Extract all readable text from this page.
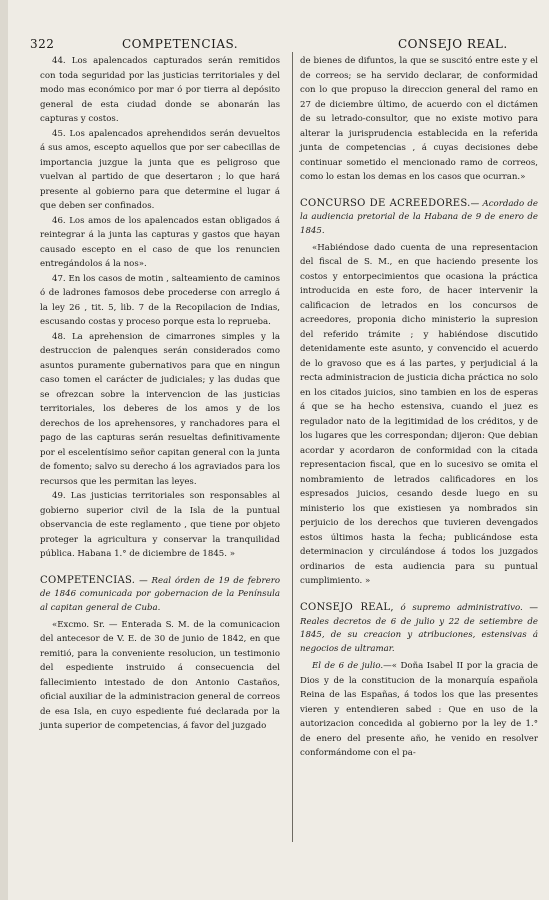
322	COMPETENCIAS.	CONSEJO REAL.

44. Los apalencados capturados serán remitidos con toda seguridad por las justicias territoriales y del modo mas económico por mar ó por tierra al depósito general de esta ciudad donde se abonarán las capturas y costos.

45. Los apalencados aprehendidos serán devueltos á sus amos, escepto aquellos que por ser cabecillas de importancia juzgue la junta que es peligroso que vuelvan al partido de que desertaron ; lo que hará presente al gobierno para que determine el lugar á que deben ser confinados.

46. Los amos de los apalencados estan obligados á reintegrar á la junta las capturas y gastos que hayan causado escepto en el caso de que los renuncien entregándolos á la nos».

47. En los casos de motin , salteamiento de caminos ó de ladrones famosos debe procederse con arreglo á la ley 26 , tit. 5, lib. 7 de la Recopilacion de Indias, escusando costas y proceso porque esta lo reprueba.

48. La aprehension de cimarrones simples y la destruccion de palenques serán considerados como asuntos puramente gubernativos para que en ningun caso tomen el carácter de judiciales; y las dudas que se ofrezcan sobre la intervencion de las justicias territoriales, los deberes de los amos y de los derechos de los aprehensores, y ranchadores para el pago de las capturas serán resueltas definitivamente por el escelentísimo señor capitan general con la junta de fomento; salvo su derecho á los agraviados para los recursos que les permitan las leyes.

49. Las justicias territoriales son responsables al gobierno superior civil de la Isla de la puntual observancia de este reglamento , que tiene por objeto proteger la agricultura y conservar la tranquilidad pública. Habana 1.° de diciembre de 1845. »

COMPETENCIAS. — Real órden de 19 de febrero de 1846 comunicada por gobernacion de la Península al capitan general de Cuba.

«Excmo. Sr. — Enterada S. M. de la comunicacion del antecesor de V. E. de 30 de junio de 1842, en que remitió, para la conveniente resolucion, un testimonio del espediente instruido á consecuencia del fallecimiento intestado de don Antonio Castaños, oficial auxiliar de la administracion general de correos de esa Isla, en cuyo espediente fué declarada por la junta superior de competencias, á favor del juzgado

de bienes de difuntos, la que se suscitó entre este y el de correos; se ha servido declarar, de conformidad con lo que propuso la direccion general del ramo en 27 de diciembre último, de acuerdo con el dictámen de su letrado-consultor, que no existe motivo para alterar la jurisprudencia establecida en la referida junta de competencias , á cuyas decisiones debe continuar sometido el mencionado ramo de correos, como lo estan los demas en los casos que ocurran.»

CONCURSO DE ACREEDORES.— Acordado de la audiencia pretorial de la Habana de 9 de enero de 1845.

«Habiéndose dado cuenta de una representacion del fiscal de S. M., en que haciendo presente los costos y entorpecimientos que ocasiona la práctica introducida en este foro, de hacer intervenir la calificacion de letrados en los concursos de acreedores, proponia dicho ministerio la supresion del referido trámite ; y habiéndose discutido detenidamente este asunto, y convencido el acuerdo de lo gravoso que es á las partes, y perjudicial á la recta administracion de justicia dicha práctica no solo en los citados juicios, sino tambien en los de esperas á que se ha hecho estensiva, cuando el juez es regulador nato de la legitimidad de los créditos, y de los lugares que les correspondan; dijeron: Que debian acordar y acordaron de conformidad con la citada representacion fiscal, que en lo sucesivo se omita el nombramiento de letrados calificadores en los espresados juicios, cesando desde luego en su ministerio los que existiesen ya nombrados sin perjuicio de los derechos que tuvieren devengados estos últimos hasta la fecha; publicándose esta determinacion y circulándose á todos los juzgados ordinarios de esta audiencia para su puntual cumplimiento. »

CONSEJO REAL, ó supremo administrativo. — Reales decretos de 6 de julio y 22 de setiembre de 1845, de su creacion y atribuciones, estensivas á negocios de ultramar.

El de 6 de julio.—« Doña Isabel II por la gracia de Dios y de la constitucion de la monarquía española Reina de las Españas, á todos los que las presentes vieren y entendieren sabed : Que en uso de la autorizacion concedida al gobierno por la ley de 1.° de enero del presente año, he venido en resolver conformándome con el pa-
